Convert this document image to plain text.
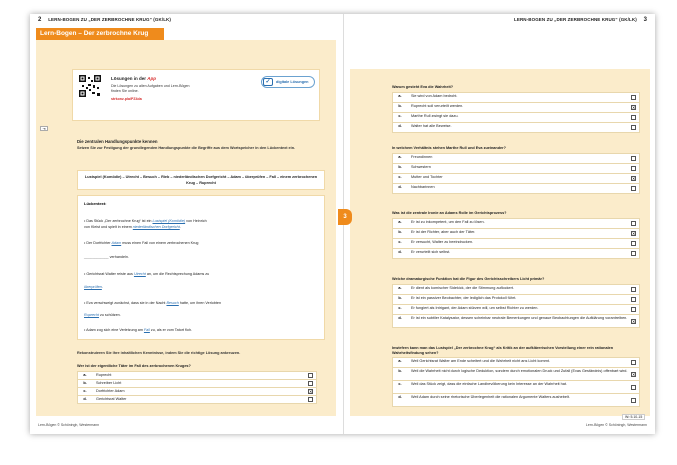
2 LERN-BOGEN ZU „DER ZERBROCHNE KRUG“ (GK/LK)
Lern-Bogen – Der zerbrochne Krug
Lösungen in der App
Die Lösungen zu allen Aufgaben und Lern-Bögen finden Sie online.
strkonz.pla/PZ4da
✓	digitale Lösungen
⇥
Die zentralen Handlungspunkte kennen
Setzen Sie zur Festigung der grundlegenden Handlungspunkte die Begriffe aus dem Wortspeicher in den Lückentext ein.
Lustspiel (Komödie) – Utrecht – Besuch – Rieb – niederländischen Dorfgericht – Adam – überprüfen – Fall – einem zerbrochenen Krug – Ruprecht
Lückentext:
• Das Stück „Der zerbrochne Krug“ ist ein Lustspiel (Komödie) von Heinrich
von Kleist und spielt in einem niederländischen Dorfgericht.
• Der Dorfrichter Adam muss einen Fall von einem zerbrochenen Krug
____________ verhandeln.
• Gerichtsrat Walter reiste aus Utrecht an, um die Rechtsprechung Adams zu
überprüfen.
• Eva verschweigt zunächst, dass sie in der Nacht Besuch hatte, um ihren Verlobten
Ruprecht zu schützen.
• Adam zog sich eine Verletzung am Fall zu, als er vom Tatort floh.
Rekonstruieren Sie Ihre inhaltlichen Kenntnisse, indem Sie die richtige Lösung ankreuzen.
Wer ist der eigentliche Täter im Fall des zerbrochenen Kruges?
a.	Ruprecht
b.	Schreiber Licht
c.	Dorfrichter Adam	✕
d.	Gerichtsrat Walter
Lern-Bögen © Schöningh, Westermann
LERN-BOGEN ZU „DER ZERBROCHNE KRUG“ (GK/LK) 3
Warum gesteht Eva die Wahrheit?
a.	Sie wird von Adam bedroht.
b.	Ruprecht soll verurteilt werden.	✕
c.	Marthe Rull zwingt sie dazu.
d.	Walter hat alle Beweise.
In welchem Verhältnis stehen Marthe Rull und Eva zueinander?
a.	Freundinnen
b.	Schwestern
c.	Mutter und Tochter	✕
d.	Nachbarinnen
Was ist die zentrale Ironie an Adams Rolle im Gerichtsprozess?
a.	Er ist zu inkompetent, um den Fall zu lösen.
b.	Er ist der Richter, aber auch der Täter.	✕
c.	Er versucht, Walter zu beeindrucken.
d.	Er verurteilt sich selbst.
Welche dramaturgische Funktion hat die Figur des Gerichtsschreibers Licht primär?
a.	Er dient als komischer Sidekick, der die Stimmung auflockert.
b.	Er ist ein passiver Beobachter, der lediglich das Protokoll führt.
c.	Er fungiert als Intrigant, der Adam stürzen will, um selbst Richter zu werden.
d.	Er ist ein subtiler Katalysator, dessen scheinbar neutrale Bemerkungen und genaue Beobachtungen die Aufklärung vorantreiben.
✕
Inwiefern kann man das Lustspiel „Der zerbrochne Krug“ als Kritik an der aufklärerischen Vorstellung einer rein rationalen Wahrheitsfindung sehen?
a.	Weil Gerichtsrat Walter am Ende scheitert und die Wahrheit nicht ans Licht kommt.
b.	Weil die Wahrheit nicht durch logische Deduktion, sondern durch emotionalen Druck und Zufall (Evas Geständnis) offenbart wird.
✕
c.	Weil das Stück zeigt, dass die einfache Landbevölkerung kein Interesse an der Wahrheit hat.
d.	Weil Adam durch seine rhetorische Überlegenheit die rationalen Argumente Walters aushebelt.
W² 5.10-15
Lern-Bögen © Schöningh, Westermann
3
